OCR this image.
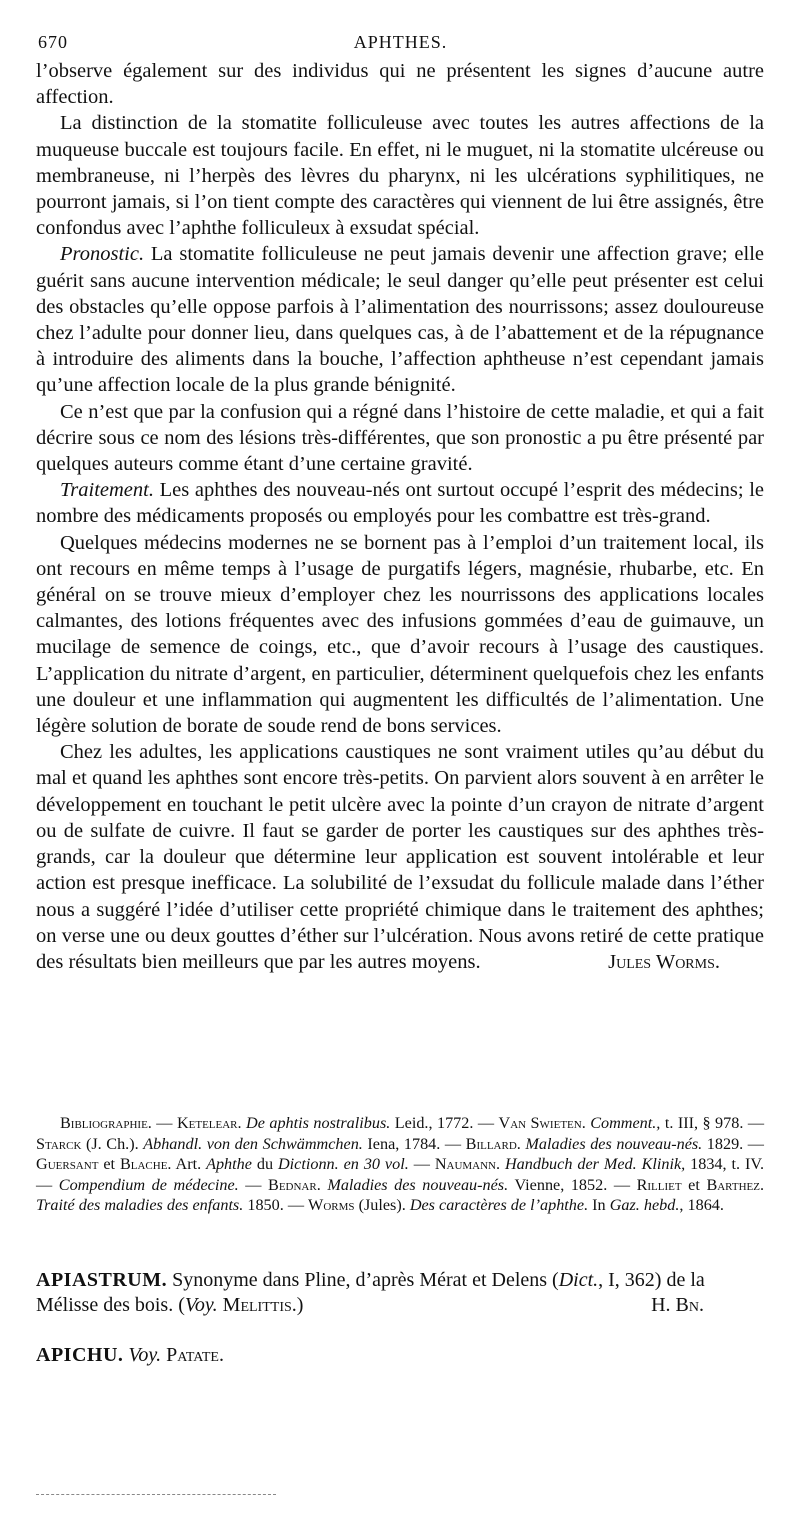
670	APHTHES.

l’observe également sur des individus qui ne présentent les signes d’aucune autre affection.

La distinction de la stomatite folliculeuse avec toutes les autres affections de la muqueuse buccale est toujours facile. En effet, ni le muguet, ni la stomatite ulcéreuse ou membraneuse, ni l’herpès des lèvres du pharynx, ni les ulcérations syphilitiques, ne pourront jamais, si l’on tient compte des caractères qui viennent de lui être assignés, être confondus avec l’aphthe folliculeux à exsudat spécial.

Pronostic. La stomatite folliculeuse ne peut jamais devenir une affection grave; elle guérit sans aucune intervention médicale; le seul danger qu’elle peut présenter est celui des obstacles qu’elle oppose parfois à l’alimentation des nourrissons; assez douloureuse chez l’adulte pour donner lieu, dans quelques cas, à de l’abattement et de la répugnance à introduire des aliments dans la bouche, l’affection aphtheuse n’est cependant jamais qu’une affection locale de la plus grande bénignité.

Ce n’est que par la confusion qui a régné dans l’histoire de cette maladie, et qui a fait décrire sous ce nom des lésions très-différentes, que son pronostic a pu être présenté par quelques auteurs comme étant d’une certaine gravité.

Traitement. Les aphthes des nouveau-nés ont surtout occupé l’esprit des médecins; le nombre des médicaments proposés ou employés pour les combattre est très-grand.

Quelques médecins modernes ne se bornent pas à l’emploi d’un traitement local, ils ont recours en même temps à l’usage de purgatifs légers, magnésie, rhubarbe, etc. En général on se trouve mieux d’employer chez les nourrissons des applications locales calmantes, des lotions fréquentes avec des infusions gommées d’eau de guimauve, un mucilage de semence de coings, etc., que d’avoir recours à l’usage des caustiques. L’application du nitrate d’argent, en particulier, déterminent quelquefois chez les enfants une douleur et une inflammation qui augmentent les difficultés de l’alimentation. Une légère solution de borate de soude rend de bons services.

Chez les adultes, les applications caustiques ne sont vraiment utiles qu’au début du mal et quand les aphthes sont encore très-petits. On parvient alors souvent à en arrêter le développement en touchant le petit ulcère avec la pointe d’un crayon de nitrate d’argent ou de sulfate de cuivre. Il faut se garder de porter les caustiques sur des aphthes très-grands, car la douleur que détermine leur application est souvent intolérable et leur action est presque inefficace. La solubilité de l’exsudat du follicule malade dans l’éther nous a suggéré l’idée d’utiliser cette propriété chimique dans le traitement des aphthes; on verse une ou deux gouttes d’éther sur l’ulcération. Nous avons retiré de cette pratique des résultats bien meilleurs que par les autres moyens.	Jules Worms.

Bibliographie. — Ketelear. De aphtis nostralibus. Leid., 1772. — Van Swieten. Comment., t. III, § 978. — Starck (J. Ch.). Abhandl. von den Schwämmchen. Iena, 1784. — Billard. Maladies des nouveau-nés. 1829. — Guersant et Blache. Art. Aphthe du Dictionn. en 30 vol. — Naumann. Handbuch der Med. Klinik, 1834, t. IV. — Compendium de médecine. — Bednar. Maladies des nouveau-nés. Vienne, 1852. — Rilliet et Barthez. Traité des maladies des enfants. 1850. — Worms (Jules). Des caractères de l’aphthe. In Gaz. hebd., 1864.
APIASTRUM. Synonyme dans Pline, d’après Mérat et Delens (Dict., I, 362) de la Mélisse des bois. (Voy. Melittis.)	H. Bn.
APICHU. Voy. Patate.
